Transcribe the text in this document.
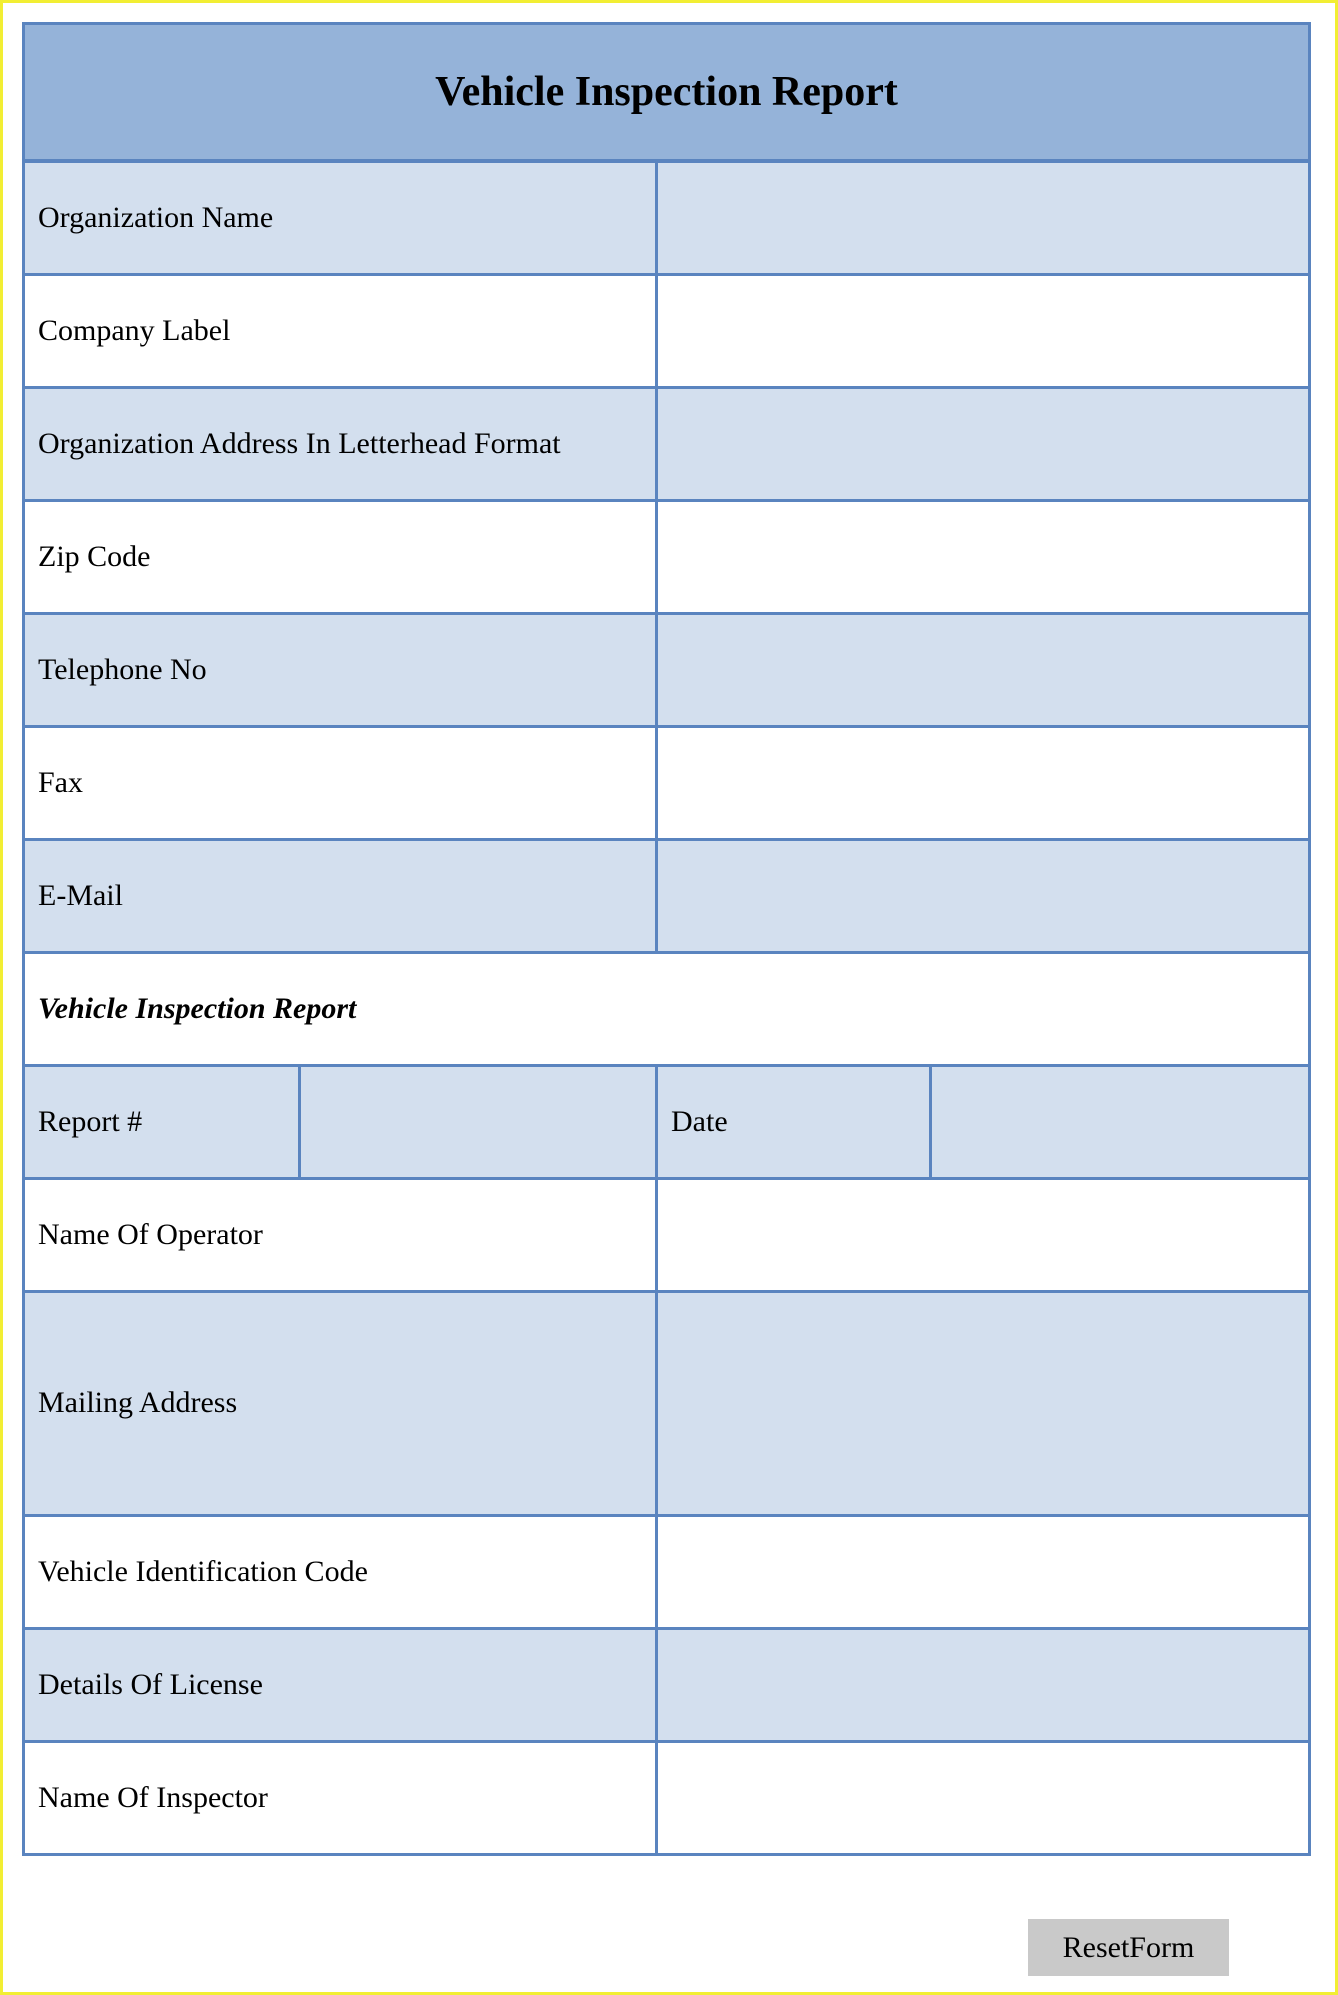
Vehicle Inspection Report			
Organization Name	

Company Label	

Organization Address In Letterhead Format	

Zip Code	

Telephone No	

Fax	

E-Mail	

Vehicle Inspection Report			
Report #		Date	

Name Of Operator	

Mailing Address	

Vehicle Identification Code	

Details Of License	

Name Of Inspector	
ResetForm
